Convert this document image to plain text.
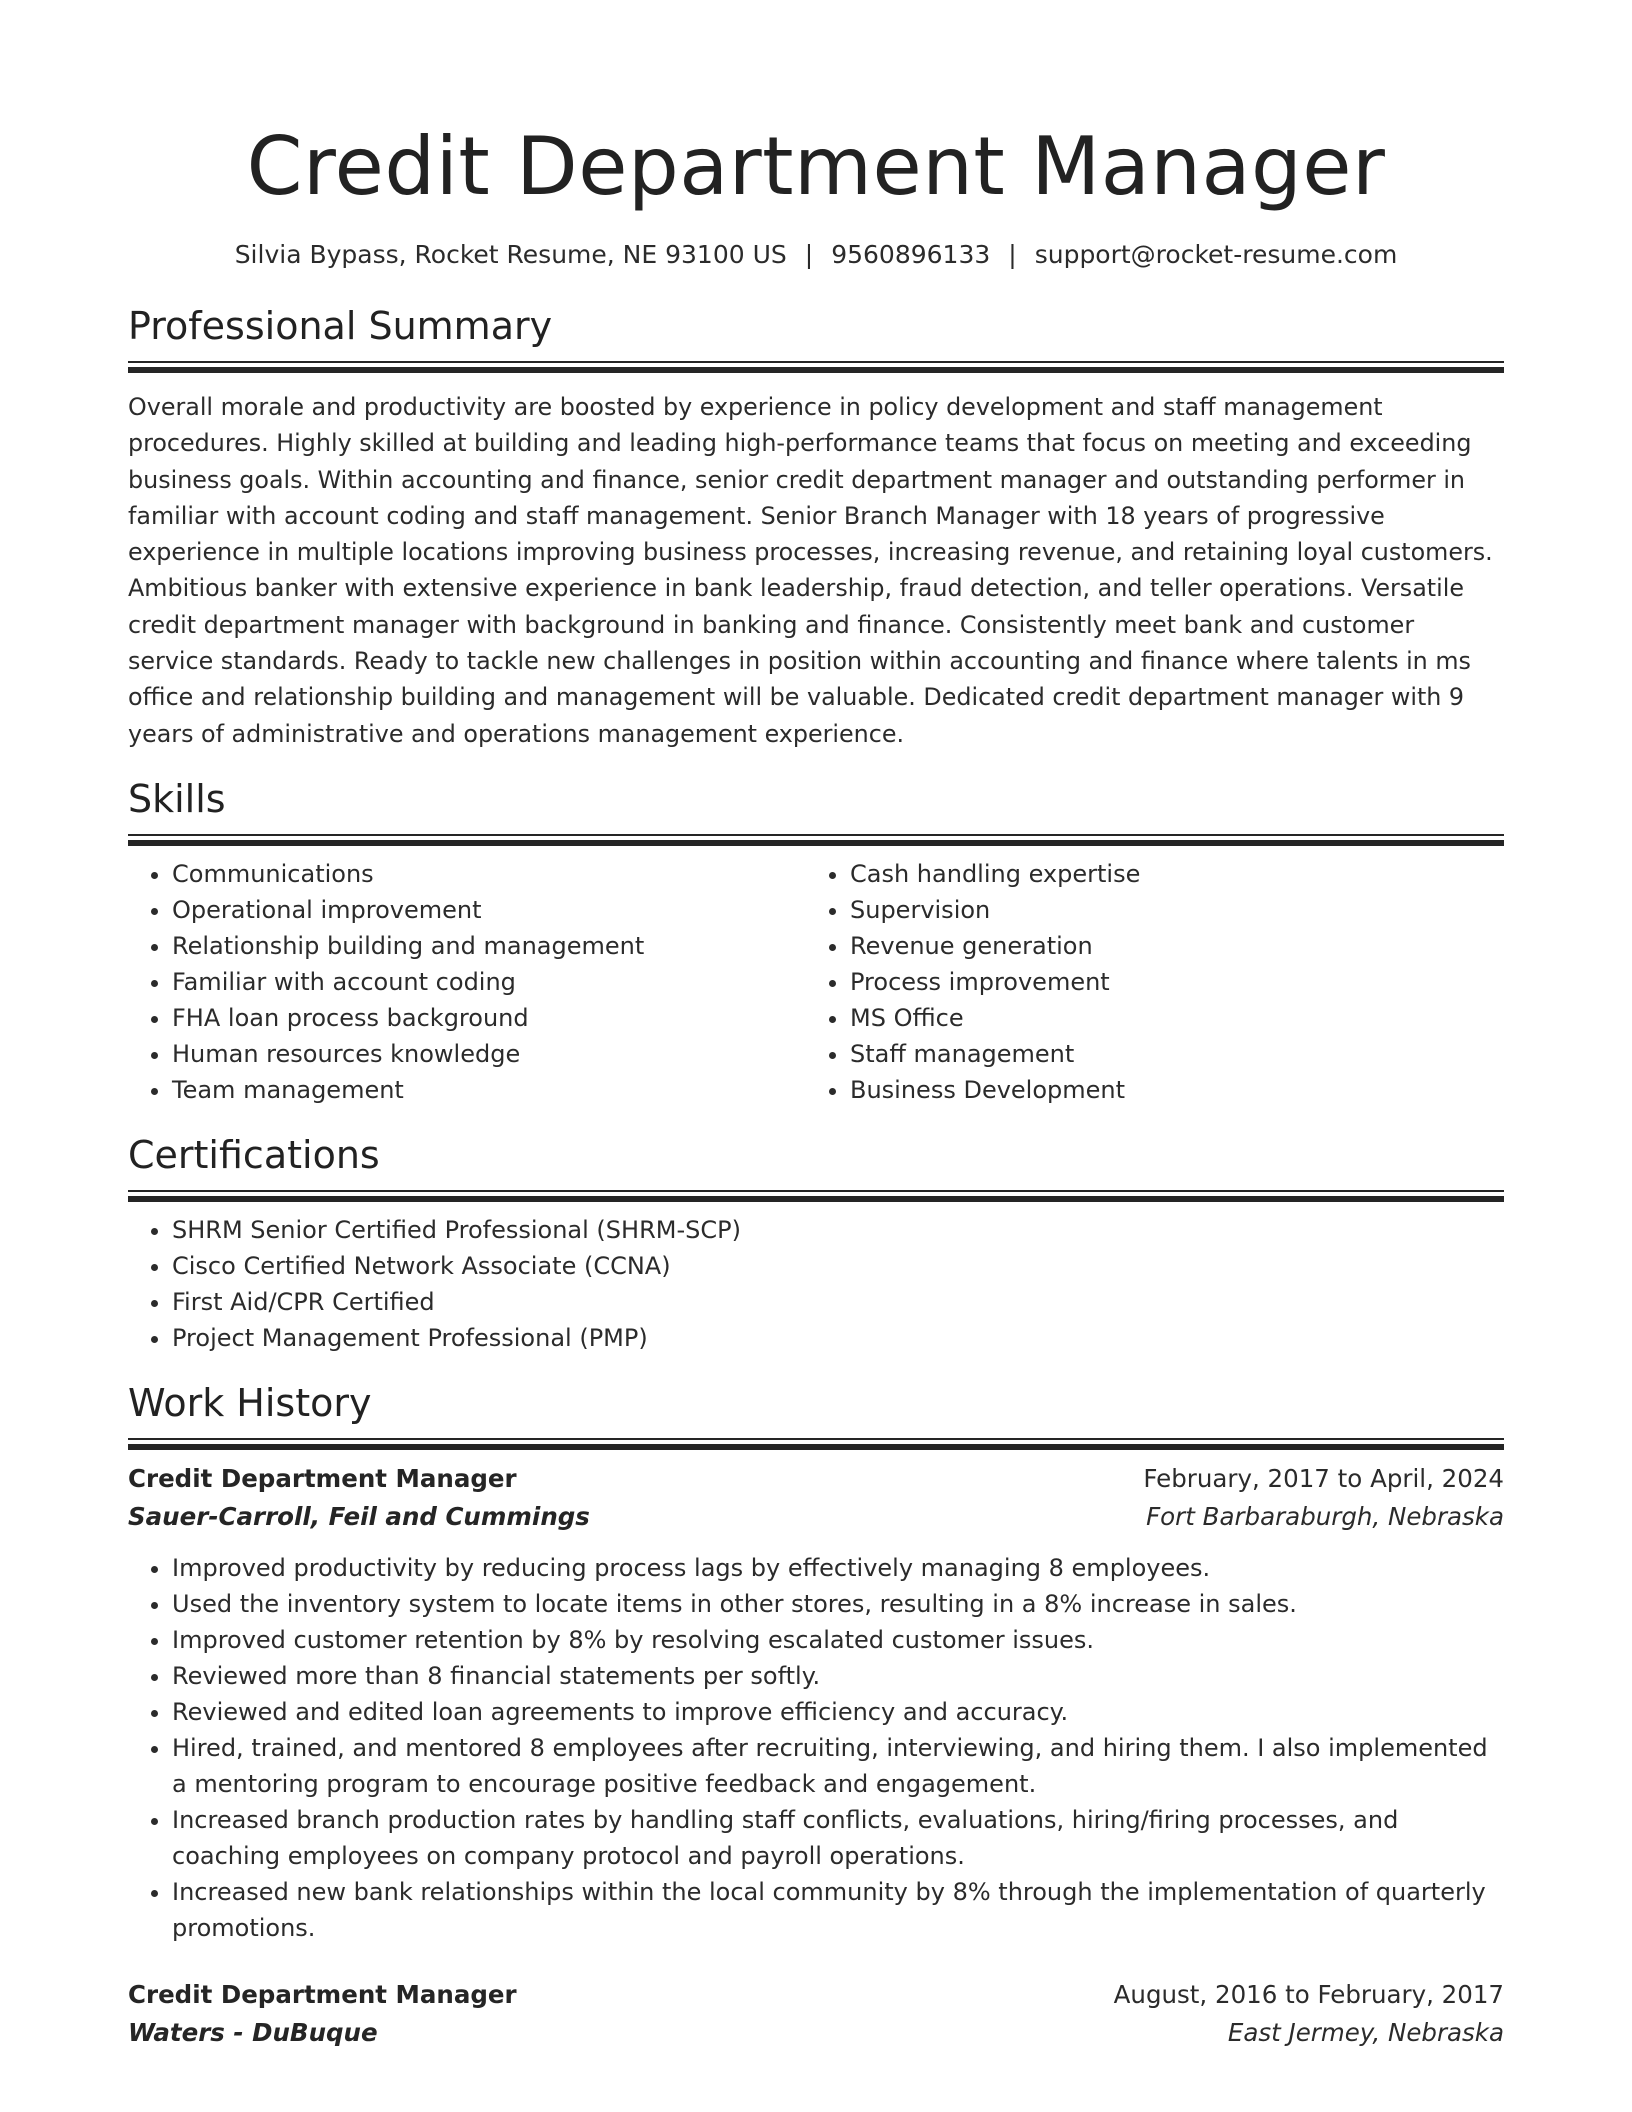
Credit Department Manager
Silvia Bypass, Rocket Resume, NE 93100 US | 9560896133 | support@rocket-resume.com
Professional Summary

Overall morale and productivity are boosted by experience in policy development and staff management procedures. Highly skilled at building and leading high-performance teams that focus on meeting and exceeding business goals. Within accounting and finance, senior credit department manager and outstanding performer in familiar with account coding and staff management. Senior Branch Manager with 18 years of progressive experience in multiple locations improving business processes, increasing revenue, and retaining loyal customers. Ambitious banker with extensive experience in bank leadership, fraud detection, and teller operations. Versatile credit department manager with background in banking and finance. Consistently meet bank and customer service standards. Ready to tackle new challenges in position within accounting and finance where talents in ms office and relationship building and management will be valuable. Dedicated credit department manager with 9 years of administrative and operations management experience.

Skills
• Communications
• Operational improvement
• Relationship building and management
• Familiar with account coding
• FHA loan process background
• Human resources knowledge
• Team management
• Cash handling expertise
• Supervision
• Revenue generation
• Process improvement
• MS Office
• Staff management
• Business Development
Certifications
• SHRM Senior Certified Professional (SHRM-SCP)
• Cisco Certified Network Associate (CCNA)
• First Aid/CPR Certified
• Project Management Professional (PMP)
Work History
Credit Department Manager	February, 2017 to April, 2024
Sauer-Carroll, Feil and Cummings	Fort Barbaraburgh, Nebraska
• Improved productivity by reducing process lags by effectively managing 8 employees.
• Used the inventory system to locate items in other stores, resulting in a 8% increase in sales.
• Improved customer retention by 8% by resolving escalated customer issues.
• Reviewed more than 8 financial statements per softly.
• Reviewed and edited loan agreements to improve efficiency and accuracy.
• Hired, trained, and mentored 8 employees after recruiting, interviewing, and hiring them. I also implemented a mentoring program to encourage positive feedback and engagement.
• Increased branch production rates by handling staff conflicts, evaluations, hiring/firing processes, and coaching employees on company protocol and payroll operations.
• Increased new bank relationships within the local community by 8% through the implementation of quarterly promotions.
Credit Department Manager	August, 2016 to February, 2017
Waters - DuBuque	East Jermey, Nebraska
